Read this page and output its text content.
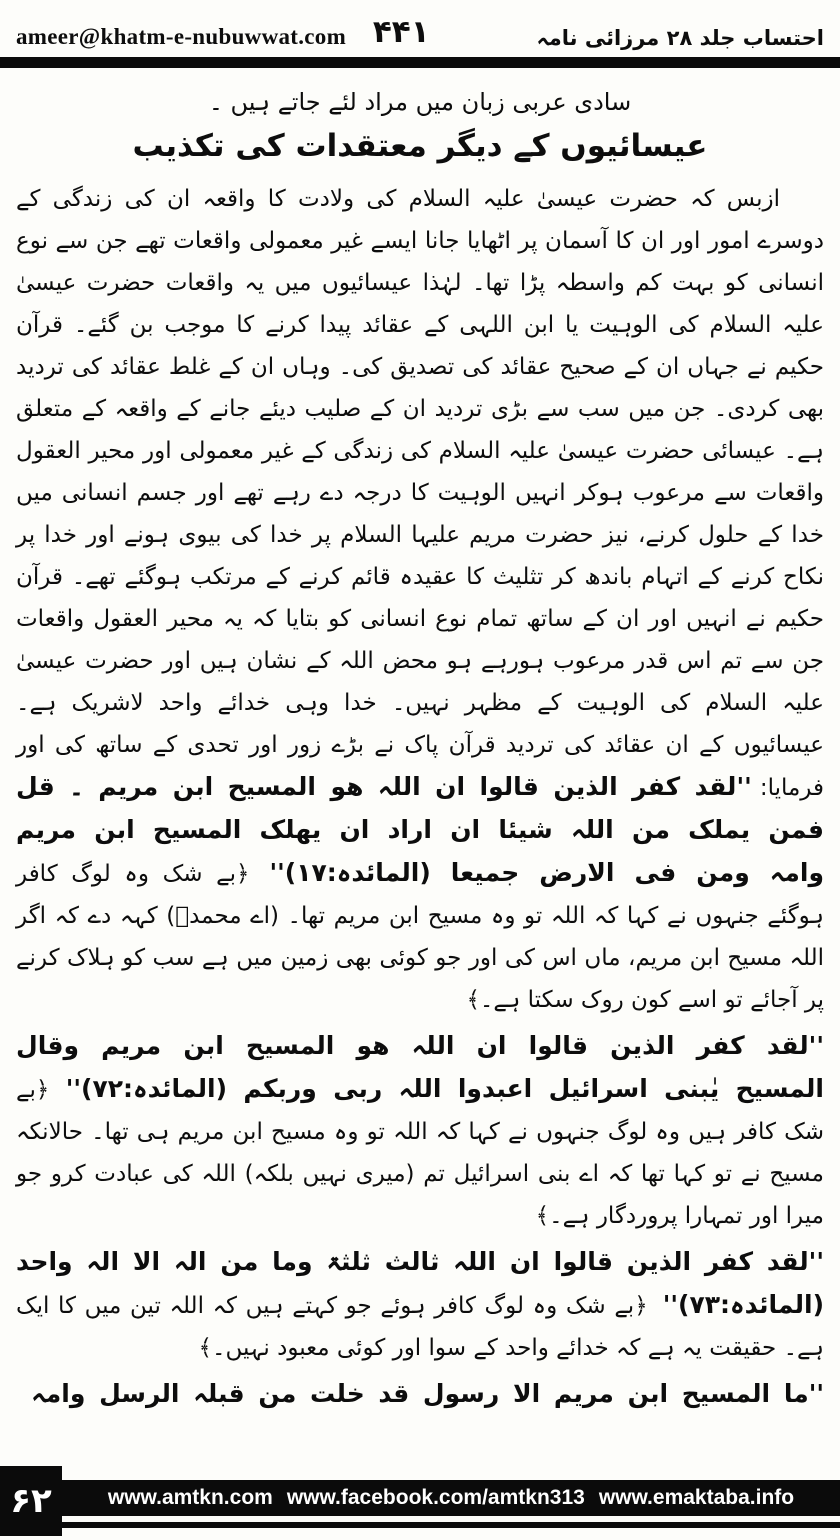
ameer@khatm-e-nubuwwat.com ۴۴۱	احتساب جلد ۲۸ مرزائی نامہ

سادی عربی زبان میں مراد لئے جاتے ہیں ۔

عیسائیوں کے دیگر معتقدات کی تکذیب

ازبس کہ حضرت عیسیٰ علیہ السلام کی ولادت کا واقعہ ان کی زندگی کے دوسرے امور اور ان کا آسمان پر اٹھایا جانا ایسے غیر معمولی واقعات تھے جن سے نوع انسانی کو بہت کم واسطہ پڑا تھا۔ لہٰذا عیسائیوں میں یہ واقعات حضرت عیسیٰ علیہ السلام کی الوہیت یا ابن اللہی کے عقائد پیدا کرنے کا موجب بن گئے۔ قرآن حکیم نے جہاں ان کے صحیح عقائد کی تصدیق کی۔ وہاں ان کے غلط عقائد کی تردید بھی کردی۔ جن میں سب سے بڑی تردید ان کے صلیب دیئے جانے کے واقعہ کے متعلق ہے۔ عیسائی حضرت عیسیٰ علیہ السلام کی زندگی کے غیر معمولی اور محیر العقول واقعات سے مرعوب ہوکر انہیں الوہیت کا درجہ دے رہے تھے اور جسم انسانی میں خدا کے حلول کرنے، نیز حضرت مریم علیہا السلام پر خدا کی بیوی ہونے اور خدا پر نکاح کرنے کے اتہام باندھ کر تثلیث کا عقیدہ قائم کرنے کے مرتکب ہوگئے تھے۔ قرآن حکیم نے انہیں اور ان کے ساتھ تمام نوع انسانی کو بتایا کہ یہ محیر العقول واقعات جن سے تم اس قدر مرعوب ہورہے ہو محض اللہ کے نشان ہیں اور حضرت عیسیٰ علیہ السلام کی الوہیت کے مظہر نہیں۔ خدا وہی خدائے واحد لاشریک ہے۔ عیسائیوں کے ان عقائد کی تردید قرآن پاک نے بڑے زور اور تحدی کے ساتھ کی اور فرمایا: ''لقد کفر الذین قالوا ان اللہ ھو المسیح ابن مریم ۔ قل فمن یملک من اللہ شیئا ان اراد ان یھلک المسیح ابن مریم وامہ ومن فی الارض جمیعا (المائدہ:۱۷)'' ﴿بے شک وہ لوگ کافر ہوگئے جنہوں نے کہا کہ اللہ تو وہ مسیح ابن مریم تھا۔ (اے محمدؐ) کہہ دے کہ اگر اللہ مسیح ابن مریم، ماں اس کی اور جو کوئی بھی زمین میں ہے سب کو ہلاک کرنے پر آجائے تو اسے کون روک سکتا ہے۔﴾

''لقد کفر الذین قالوا ان اللہ ھو المسیح ابن مریم وقال المسیح یٰبنی اسرائیل اعبدوا اللہ ربی وربکم (المائدہ:۷۲)'' ﴿بے شک کافر ہیں وہ لوگ جنہوں نے کہا کہ اللہ تو وہ مسیح ابن مریم ہی تھا۔ حالانکہ مسیح نے تو کہا تھا کہ اے بنی اسرائیل تم (میری نہیں بلکہ) اللہ کی عبادت کرو جو میرا اور تمہارا پروردگار ہے۔﴾

''لقد کفر الذین قالوا ان اللہ ثالث ثلثۃ وما من الہ الا الہ واحد (المائدہ:۷۳)'' ﴿بے شک وہ لوگ کافر ہوئے جو کہتے ہیں کہ اللہ تین میں کا ایک ہے۔ حقیقت یہ ہے کہ خدائے واحد کے سوا اور کوئی معبود نہیں۔﴾

''ما المسیح ابن مریم الا رسول قد خلت من قبلہ الرسل وامہ

۶۲	www.amtkn.com www.facebook.com/amtkn313 www.emaktaba.info
